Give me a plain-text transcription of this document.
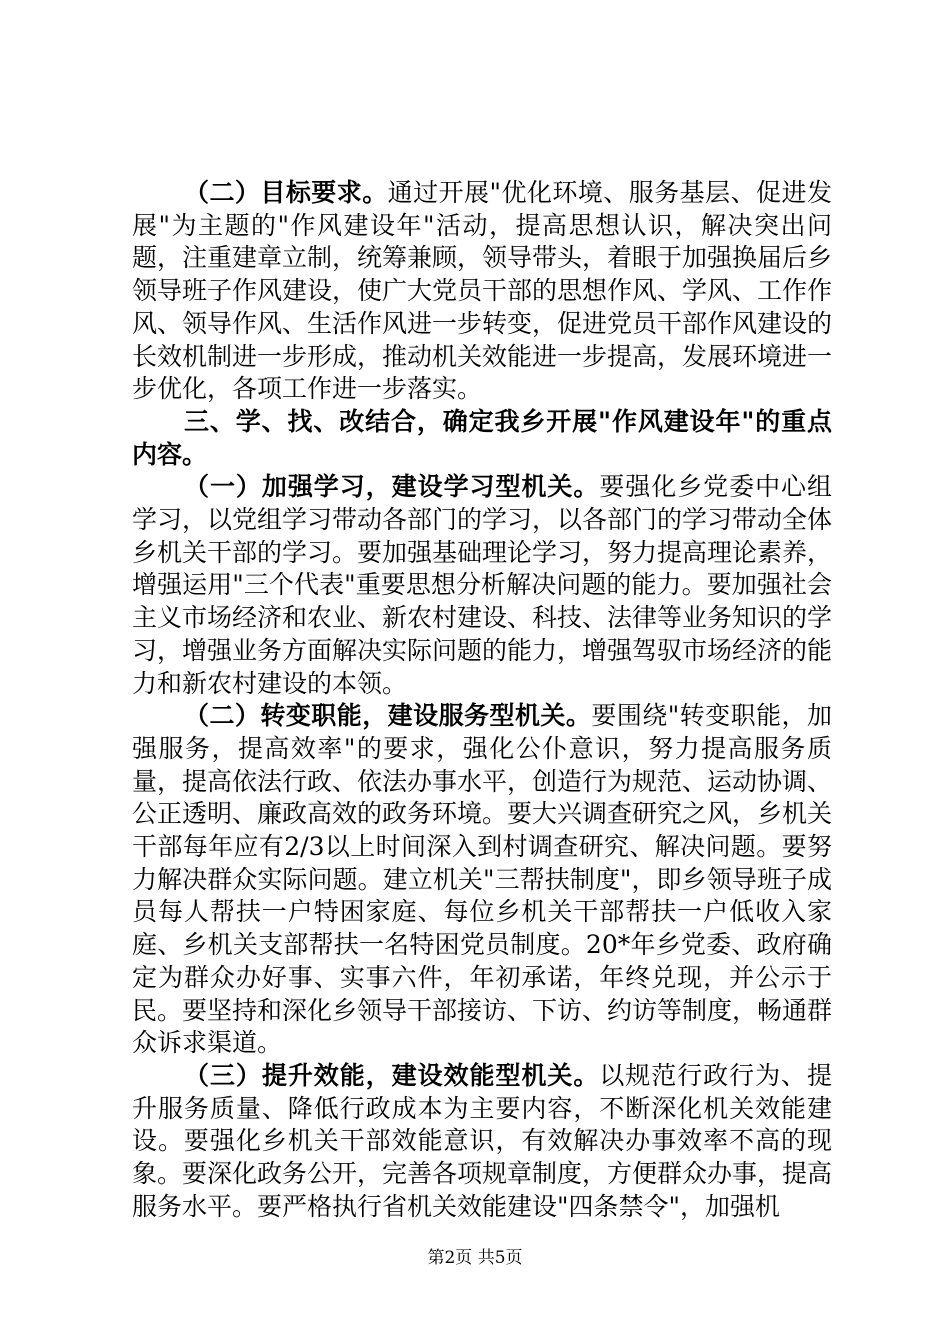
（二）目标要求。通过开展"优化环境、服务基层、促进发展"为主题的"作风建设年"活动，提高思想认识，解决突出问题，注重建章立制，统筹兼顾，领导带头，着眼于加强换届后乡领导班子作风建设，使广大党员干部的思想作风、学风、工作作风、领导作风、生活作风进一步转变，促进党员干部作风建设的长效机制进一步形成，推动机关效能进一步提高，发展环境进一步优化，各项工作进一步落实。

三、学、找、改结合，确定我乡开展"作风建设年"的重点内容。

（一）加强学习，建设学习型机关。要强化乡党委中心组学习，以党组学习带动各部门的学习，以各部门的学习带动全体乡机关干部的学习。要加强基础理论学习，努力提高理论素养，增强运用"三个代表"重要思想分析解决问题的能力。要加强社会主义市场经济和农业、新农村建设、科技、法律等业务知识的学习，增强业务方面解决实际问题的能力，增强驾驭市场经济的能力和新农村建设的本领。

（二）转变职能，建设服务型机关。要围绕"转变职能，加强服务，提高效率"的要求，强化公仆意识，努力提高服务质量，提高依法行政、依法办事水平，创造行为规范、运动协调、公正透明、廉政高效的政务环境。要大兴调查研究之风，乡机关干部每年应有2/3以上时间深入到村调查研究、解决问题。要努力解决群众实际问题。建立机关"三帮扶制度"，即乡领导班子成员每人帮扶一户特困家庭、每位乡机关干部帮扶一户低收入家庭、乡机关支部帮扶一名特困党员制度。20*年乡党委、政府确定为群众办好事、实事六件，年初承诺，年终兑现，并公示于民。要坚持和深化乡领导干部接访、下访、约访等制度，畅通群众诉求渠道。

（三）提升效能，建设效能型机关。以规范行政行为、提升服务质量、降低行政成本为主要内容，不断深化机关效能建设。要强化乡机关干部效能意识，有效解决办事效率不高的现象。要深化政务公开，完善各项规章制度，方便群众办事，提高服务水平。要严格执行省机关效能建设"四条禁令"，加强机

第2页 共5页
